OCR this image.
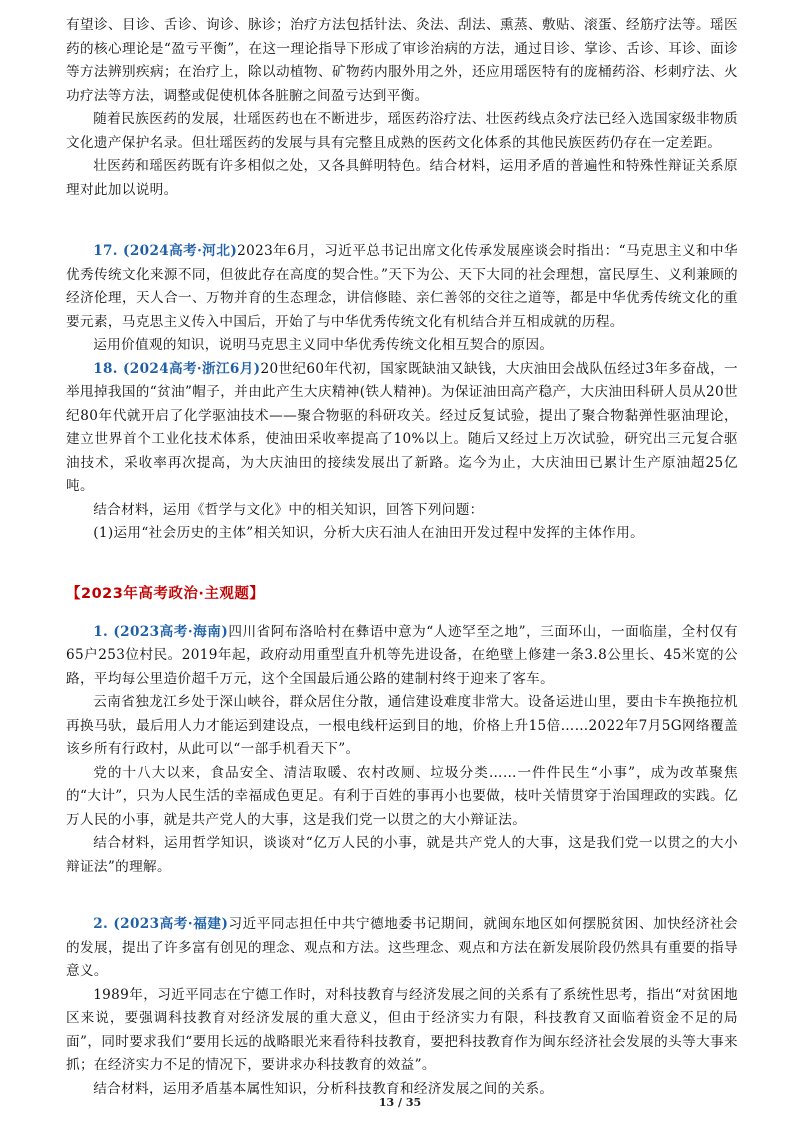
有望诊、目诊、舌诊、询诊、脉诊；治疗方法包括针法、灸法、刮法、熏蒸、敷贴、滚蛋、经筋疗法等。瑶医药的核心理论是“盈亏平衡”，在这一理论指导下形成了审诊治病的方法，通过目诊、掌诊、舌诊、耳诊、面诊等方法辨别疾病；在治疗上，除以动植物、矿物药内服外用之外，还应用瑶医特有的庞桶药浴、杉刺疗法、火功疗法等方法，调整或促使机体各脏腑之间盈亏达到平衡。

随着民族医药的发展，壮瑶医药也在不断进步，瑶医药浴疗法、壮医药线点灸疗法已经入选国家级非物质文化遗产保护名录。但壮瑶医药的发展与具有完整且成熟的医药文化体系的其他民族医药仍存在一定差距。

壮医药和瑶医药既有许多相似之处，又各具鲜明特色。结合材料，运用矛盾的普遍性和特殊性辩证关系原理对此加以说明。

17. (2024高考·河北)2023年6月，习近平总书记出席文化传承发展座谈会时指出：“马克思主义和中华优秀传统文化来源不同，但彼此存在高度的契合性。”天下为公、天下大同的社会理想，富民厚生、义利兼顾的经济伦理，天人合一、万物并育的生态理念，讲信修睦、亲仁善邻的交往之道等，都是中华优秀传统文化的重要元素，马克思主义传入中国后，开始了与中华优秀传统文化有机结合并互相成就的历程。

运用价值观的知识，说明马克思主义同中华优秀传统文化相互契合的原因。

18. (2024高考·浙江6月)20世纪60年代初，国家既缺油又缺钱，大庆油田会战队伍经过3年多奋战，一举甩掉我国的“贫油”帽子，并由此产生大庆精神(铁人精神)。为保证油田高产稳产，大庆油田科研人员从20世纪80年代就开启了化学驱油技术——聚合物驱的科研攻关。经过反复试验，提出了聚合物黏弹性驱油理论，建立世界首个工业化技术体系，使油田采收率提高了10%以上。随后又经过上万次试验，研究出三元复合驱油技术，采收率再次提高，为大庆油田的接续发展出了新路。迄今为止，大庆油田已累计生产原油超25亿吨。

结合材料，运用《哲学与文化》中的相关知识，回答下列问题：

(1)运用“社会历史的主体”相关知识，分析大庆石油人在油田开发过程中发挥的主体作用。

【2023年高考政治·主观题】

1. (2023高考·海南)四川省阿布洛哈村在彝语中意为“人迹罕至之地”，三面环山，一面临崖，全村仅有65户253位村民。2019年起，政府动用重型直升机等先进设备，在绝壁上修建一条3.8公里长、45米宽的公路，平均每公里造价超千万元，这个全国最后通公路的建制村终于迎来了客车。

云南省独龙江乡处于深山峡谷，群众居住分散，通信建设难度非常大。设备运进山里，要由卡车换拖拉机再换马驮，最后用人力才能运到建设点，一根电线杆运到目的地，价格上升15倍……2022年7月5G网络覆盖该乡所有行政村，从此可以“一部手机看天下”。

党的十八大以来，食品安全、清洁取暖、农村改厕、垃圾分类……一件件民生“小事”，成为改革聚焦的“大计”，只为人民生活的幸福成色更足。有利于百姓的事再小也要做，枝叶关情贯穿于治国理政的实践。亿万人民的小事，就是共产党人的大事，这是我们党一以贯之的大小辩证法。

结合材料，运用哲学知识，谈谈对“亿万人民的小事，就是共产党人的大事，这是我们党一以贯之的大小辩证法”的理解。

2. (2023高考·福建)习近平同志担任中共宁德地委书记期间，就闽东地区如何摆脱贫困、加快经济社会的发展，提出了许多富有创见的理念、观点和方法。这些理念、观点和方法在新发展阶段仍然具有重要的指导意义。

1989年，习近平同志在宁德工作时，对科技教育与经济发展之间的关系有了系统性思考，指出“对贫困地区来说，要强调科技教育对经济发展的重大意义，但由于经济实力有限，科技教育又面临着资金不足的局面”，同时要求我们“要用长远的战略眼光来看待科技教育，要把科技教育作为闽东经济社会发展的头等大事来抓；在经济实力不足的情况下，要讲求办科技教育的效益”。

结合材料，运用矛盾基本属性知识，分析科技教育和经济发展之间的关系。

13 / 35
